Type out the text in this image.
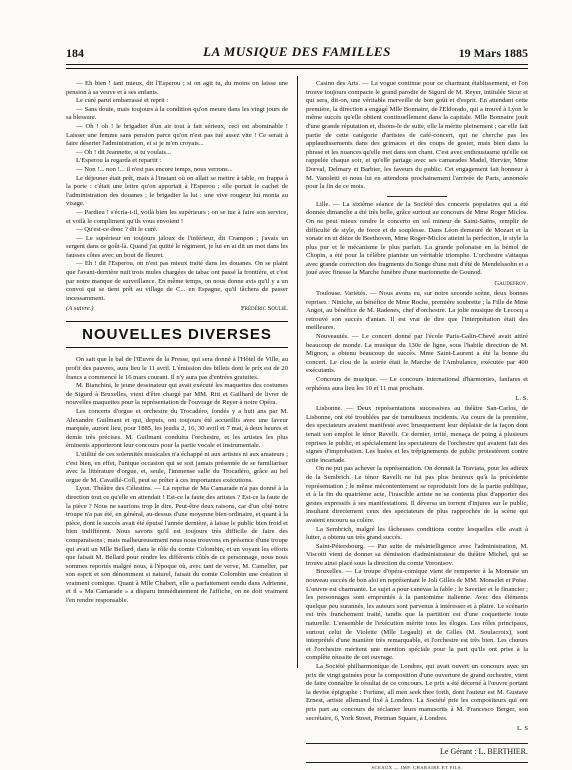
184	LA MUSIQUE DES FAMILLES	19 Mars 1885

— Eh bien ! tant mieux, dit l'Esperou ; si on agit tu, du moins on laisse une pension à sa veuve et à ses enfants.

Le curé parut embarrassé et reprit :

— Sans doute, mais toujours à la condition qu'on meure dans les vingt jours de sa blessure.

— Oh ! oh ! le brigadier d'un air tout à fait sérieux, ceci est abominable ! Laisser une femme sans pension parce qu'on n'est pas tué assez vite ! Ce serait à faire déserter l'administration, et si je m'en croyais...

— Oh ! dit Jeannette, si tu voulais...

L'Esperou la regarda et repartit :

— Non !... non !... il n'est pas encore temps, nous verrons...

Le déjeuner était prêt, mais à l'instant où on allait se mettre à table, on frappa à la porte : c'était une lettre qu'on apportait à l'Esperou ; elle portait le cachet de l'administration des douanes ; le brigadier la lut : une vive rougeur lui monta au visage.

— Pardieu ! s'écria-t-il, voilà bien les supérieurs ; on se tue à faire son service, et voilà le compliment qu'ils vous envoient !

— Qu'est-ce donc ? dit le curé.

— Le supérieur en toujours jaloux de l'inférieur, dit Crampon ; j'avais un sergent dans ce goût-là. Quand j'ai quitté le régiment, je lui en ai dit un mot dans les fausses côtes avec un bout de fleuret.

— Eh ! dit l'Esperou, on n'est pas mieux traité dans les douanes. On se plaint que l'avant-dernière nuit trois mules chargées de tabac ont passé la frontière, et c'est par notre manque de surveillance. En même temps, on nous donne avis qu'il y a un convoi qui se tient prêt au village de C... en Espagne, qu'il tâchera de passer incessamment.

(A suivre.)	Frédéric Soulié.
NOUVELLES DIVERSES

On sait que le bal de l'Œuvre de la Presse, qui sera donné à l'Hôtel de Ville, au profit des pauvres, aura lieu le 11 avril. L'émission des billets dont le prix est de 20 francs a commencé le 16 mars courant. Il n'y aura pas d'entrées gratuites.

M. Bianchini, le jeune dessinateur qui avait exécuté les maquettes des costumes de Sigurd à Bruxelles, vient d'être chargé par MM. Ritt et Gailhard de livrer de nouvelles maquettes pour la représentation de l'ouvrage de Reyer à notre Opéra.

Les concerts d'orgue et orchestre du Trocadéro, fondés y a huit ans par M. Alexandre Guilmant et qui, depuis, ont toujours été accueillis avec une faveur marquée, auront lieu, pour 1885, les jeudis 2, 16, 30 avril et 7 mai, à deux heures et demie très précises. M. Guilmant conduira l'orchestre, et les artistes les plus éminents apporteront leur concours pour la partie vocale et instrumentale.

L'utilité de ces solennités musicales n'a échappé ni aux artistes ni aux amateurs ; c'est bien, en effet, l'unique occasion qui se soit jamais présentée de se familiariser avec la littérature d'orgue, et, seule, l'immense salle du Trocadéro, grâce au bel orgue de M. Cavaillé-Coll, peut se prêter à ces importantes exécutions.

Lyon. Théâtre des Célestins. — La reprise de Ma Camarade n'a pas donné à la direction tout ce qu'elle en attendait ! Est-ce la faute des artistes ? Est-ce la faute de la pièce ? Nous ne saurions trop le dire. Peut-être deux raisons, car d'un côté notre troupe n'a pas été, en général, au-dessus d'une moyenne bien ordinaire, et quant à la pièce, dont le succès avait été épuisé l'année dernière, à laisse le public bien froid et bien indifférent. Nous savons qu'il est toujours très difficile de faire des comparaisons ; mais malheureusement nous nous trouvons en présence d'une troupe qui avait un Mlle Bellard, dans le rôle du comte Colombin, et un voyant les efforts que faisait M. Bellard pour rendre les différents côtés de ce personnage, nous nous sommes reportés malgré nous, à l'époque où, avec tant de verve, M. Camelier, par son esprit et son dénomment si naturel, faisait du comte Colombin une création si vraiment comique. Quant à Mlle Chabert, elle a parfaitement rendu dans Adrienne, et il « Ma Camarade » a disparu immédiatement de l'affiche, on ne doit vraiment l'en rendre responsable.

Casino des Arts. — La vogue continue pour ce charmant établissement, et l'on trouve toujours compacte le grand parodie de Sigurd de M. Reyer, intitulée Sicur et qui sera, dit-on, une véritable merveille de bon goût et d'esprit. En attendant cette première, la direction a engagé Mlle Bonnaire, de l'Eldorado, qui a trouvé à Lyon le même succès qu'elle obtient continuellement dans la capitale. Mlle Bonnaire jouit d'une grande réputation et, disons-le de suite, elle la mérite pleinement ; car elle fait partie de cette catégorie d'artistes de café-concert, qui ne cherche pas les applaudissements dans des grimaces et des coups de gosier, mais bien dans la phrasé et les nuances qu'elle met dans son chant. C'est avec enthousiasme qu'elle est rappelée chaque soir, et qu'elle partage avec ses camarades Madel, Hervier, Mme Dorval, Delmary et Barbier, les faveurs du public. Cet engagement fait honneur à M. Vanoletti et nous lui en attendons prochainement l'arrivée de Paris, annoncée pour la fin de ce mois.

Lille. — La sixième séance de la Société des concerts populaires qui a été donnée dimanche a été très belle, grâce surtout au concours de Mme Roger Miclos. On ne peut mieux rendre le concerto en sol mineur de Saint-Saëns, remplir de difficulté de style, de force et de souplesse. Dans Léon demeuré de Mozart et la sonate en ut dièze de Beethoven, Mme Roger-Miclos atteint la perfection, le style la plus pur et le mécanisme le plus parfait. La grande polonaise en la bémol de Chopin, a été pour la célèbre pianiste un véritable triomphe. L'orchestre s'attaqua avec grande correction des fragments du Songe d'une nuit d'été de Mendelssohn et a joué avec finesse la Marche funèbre d'une marionnette de Gounod.

Gaudefroy.

Toulouse. Variétés. — Nous avons eu, sur notre seconde scène, deux bonnes reprises : Niniche, au bénéfice de Mme Roche, première soubrette ; la Fille de Mme Angot, au bénéfice de M. Radenes, chef d'orchestre. La jolie musique de Lecocq a retrouvé son succès d'antan. Il est vrai de dire que l'interprétation était des meilleures.

Nouveautés. — Le concert donné par l'école Paris-Galin-Chevé avait attiré beaucoup de monde. La musique du 130e de ligne, sous l'habile direction de M. Mignon, a obtenu beaucoup de succès. Mme Saint-Laurent a été la bonne du concert. Le clou de la soirée était le Marche de l'Ambulance, exécutée par 400 exécutants.

Concours de musique. — Le concours international d'harmonies, fanfares et orphéons aura lieu les 10 et 11 mai prochain.

L. S.

Lisbonne. — Deux représentations successives au théâtre San-Carlos, de Lisbonne, ont été troublées par de tumultueux incidents. Au cours de la première, des spectateurs avaient manifesté avec brusquement leur déplaisir de la façon dont tenait son emploi le ténor Ravelli. Ce dernier, irrité, menaça de poing à plusieurs reprises le public, et spécialement les spectateurs de l'orchestre qui avaient fait des signes d'improbation. Les huées et les trépignements de public protestèrent contre cette incartade.

On ne put pas achever la représentation. On donnait la Traviata, pour les adieux de la Sembrich. Le ténor Ravelli ne fut pas plus heureux qu'à la précédente représentation ; le même mécontentement se reproduisit lors de la partie publique, et à la fin du quatrième acte, l'irascible artiste ne se contenta plus d'apporter des gestes expressifs à ses manifestations. Il déversa un torrent d'injures sur le public, insultant directement ceux des spectateurs de plus rapprochés de la scène qui avaient encouru sa colère.

La Sembrich, malgré les fâcheuses conditions contre lesquelles elle avait à lutter, a obtenu un très grand succès.

Saint-Pétersbourg. — Par suite de mésintelligence avec l'administration, M. Viscotti vient de donner sa démission d'administrateur du théâtre Michel, qui se trouve ainsi placé sous la direction du comte Vorontsov.

Bruxelles. — La troupe d'opéra-comique vient de remporter à la Monnaie un nouveau succès de bon aloi en représentant le Jolí Gilles de MM. Monselet et Poise. L'œuvre est charmante. Le sujet a pour canevas la fable : le Savetier et le financier ; les personnages sont empruntés à la pantomime italienne. Avec des éléments quelque peu surannés, les auteurs sont parvenus à intéresser et à plaire. Le scénario est très franchement traité, tandis que la partition est d'une coquetterie toute naturelle. L'ensemble de l'exécution mérite tous les éloges. Les rôles principaux, surtout celui de Violette (Mlle Legault) et de Gilles (M. Soulacroix), sont interprétés d'une manière très remarquable, et l'orchestre est très bien. Les chœurs et l'orchestre méritent une mention spéciale pour la part qu'ils ont prise à la complète réussite de cet ouvrage.

La Société philharmonique de Londres, qui avait ouvert un concours avec un prix de vingt guinées pour la composition d'une ouverture de grand orchestre, vient de faire connaître le résultat de ce concours. Le prix a été décerné à l'œuvre portant la devise épigraphe : Fortune, all men seek thee forth, dont l'auteur est M. Gustave Ernest, artiste allemand fixé à Londres. La Société prie les compositeurs qui ont pris part au concours de réclamer leurs manuscrits à M. Francesco Berger, son secrétaire, 6, York Street, Portman Square, à Londres.

L. S
Le Gérant : L. BERTHIER.
SCEAUX — IMP. CHARAIRE ET FILS.
